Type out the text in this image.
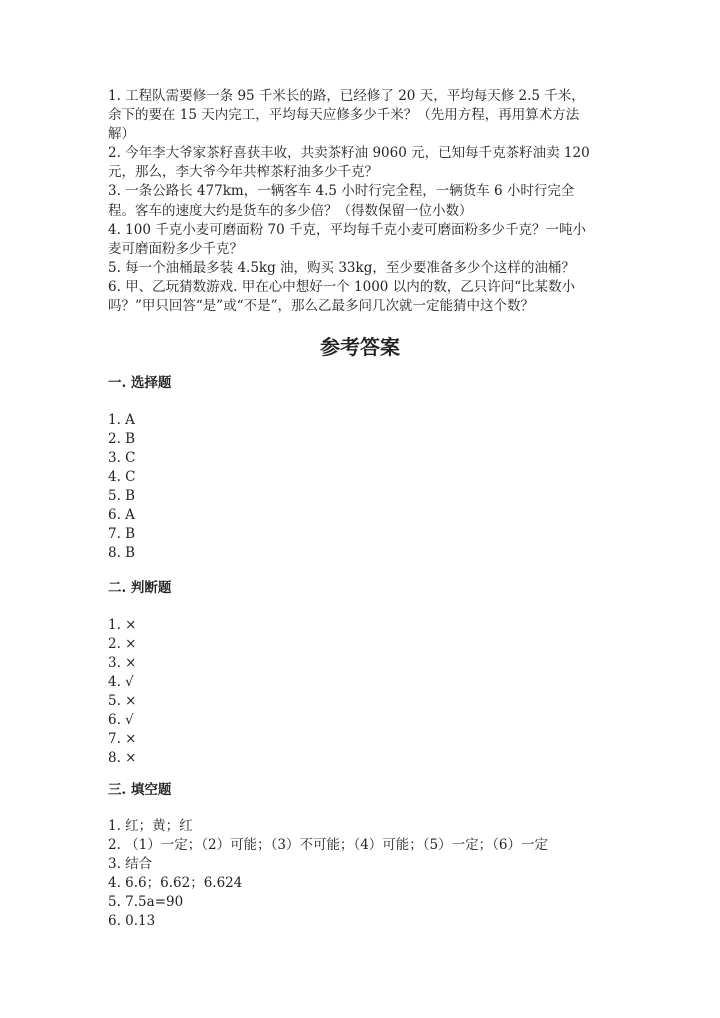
1. 工程队需要修一条 95 千米长的路，已经修了 20 天，平均每天修 2.5 千米，
余下的要在 15 天内完工，平均每天应修多少千米？（先用方程，再用算术方法
解）
2. 今年李大爷家茶籽喜获丰收，共卖茶籽油 9060 元，已知每千克茶籽油卖 120
元，那么，李大爷今年共榨茶籽油多少千克？
3. 一条公路长 477km，一辆客车 4.5 小时行完全程，一辆货车 6 小时行完全
程。客车的速度大约是货车的多少倍？（得数保留一位小数）
4. 100 千克小麦可磨面粉 70 千克，平均每千克小麦可磨面粉多少千克？一吨小
麦可磨面粉多少千克？
5. 每一个油桶最多装 4.5kg 油，购买 33kg，至少要准备多少个这样的油桶？
6. 甲、乙玩猜数游戏. 甲在心中想好一个 1000 以内的数，乙只许问“比某数小
吗？”甲只回答“是”或“不是”，那么乙最多问几次就一定能猜中这个数？
参考答案
一. 选择题
1. A
2. B
3. C
4. C
5. B
6. A
7. B
8. B
二. 判断题
1. ×
2. ×
3. ×
4. √
5. ×
6. √
7. ×
8. ×
三. 填空题
1. 红；黄；红
2. （1）一定；（2）可能；（3）不可能；（4）可能；（5）一定；（6）一定
3. 结合
4. 6.6；6.62；6.624
5. 7.5a=90
6. 0.13
